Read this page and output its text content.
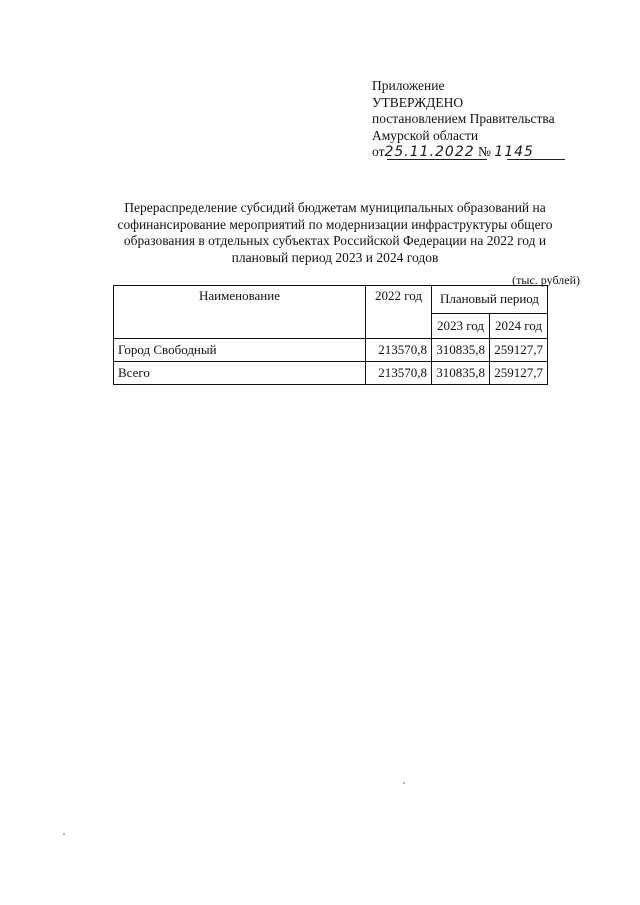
Приложение
УТВЕРЖДЕНО
постановлением Правительства
Амурской области
от25.11.2022 № 1145
Перераспределение субсидий бюджетам муниципальных образований на
софинансирование мероприятий по модернизации инфраструктуры общего
образования в отдельных субъектах Российской Федерации на 2022 год и
плановый период 2023 и 2024 годов
(тыс. рублей)
Наименование	2022 год	Плановый период	
		2023 год	2024 год
Город Свободный	213570,8	310835,8	259127,7
Всего	213570,8	310835,8	259127,7
